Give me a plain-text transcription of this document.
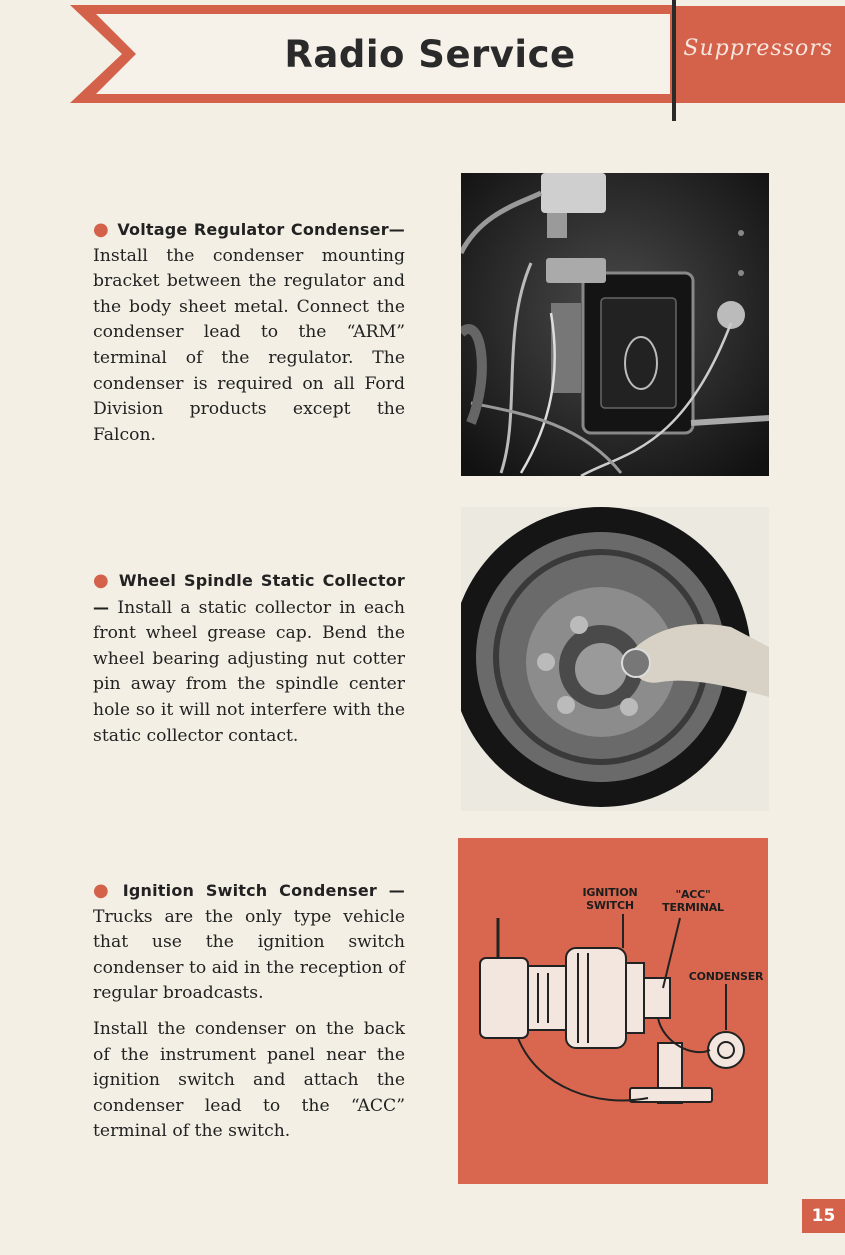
Radio Service	Suppressors

● Voltage Regulator Condenser— Install the condenser mounting bracket between the regulator and the body sheet metal. Connect the condenser lead to the “ARM” terminal of the regulator. The condenser is required on all Ford Division products except the Falcon.

● Wheel Spindle Static Collector— Install a static collector in each front wheel grease cap. Bend the wheel bearing adjusting nut cotter pin away from the spindle center hole so it will not interfere with the static collector contact.

● Ignition Switch Condenser — Trucks are the only type vehicle that use the ignition switch condenser to aid in the reception of regular broadcasts.

Install the condenser on the back of the instrument panel near the ignition switch and attach the condenser lead to the “ACC” terminal of the switch.

IGNITION SWITCH
"ACC" TERMINAL
CONDENSER
15
